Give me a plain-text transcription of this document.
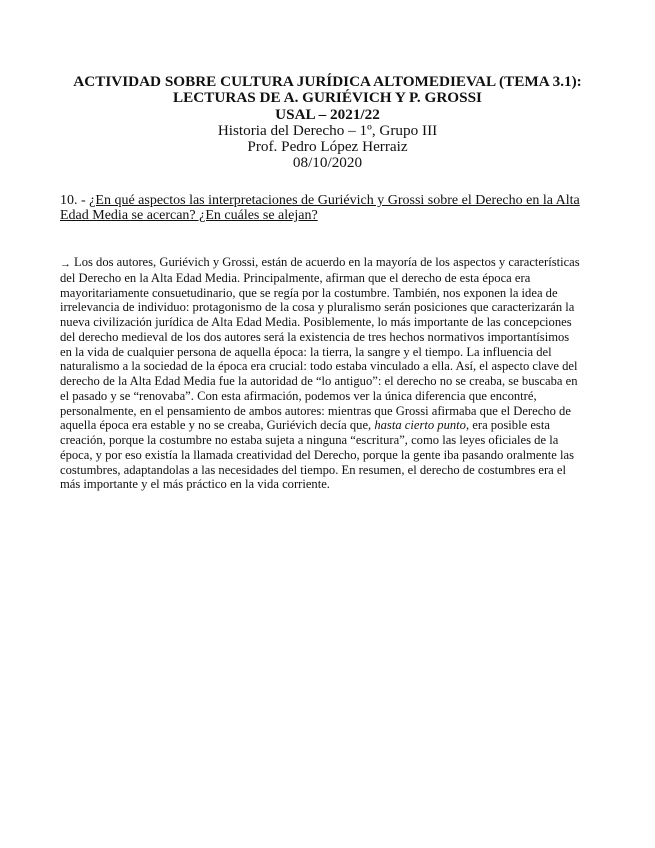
ACTIVIDAD SOBRE CULTURA JURÍDICA ALTOMEDIEVAL (TEMA 3.1):
LECTURAS DE A. GURIÉVICH Y P. GROSSI
USAL – 2021/22
Historia del Derecho – 1º, Grupo III
Prof. Pedro López Herraiz
08/10/2020
10. - ¿En qué aspectos las interpretaciones de Guriévich y Grossi sobre el Derecho en la Alta Edad Media se acercan? ¿En cuáles se alejan?
→ Los dos autores, Guriévich y Grossi, están de acuerdo en la mayoría de los aspectos y características
del Derecho en la Alta Edad Media. Principalmente, afirman que el derecho de esta época era
mayoritariamente consuetudinario, que se regía por la costumbre. También, nos exponen la idea de
irrelevancia de individuo: protagonismo de la cosa y pluralismo serán posiciones que caracterizarán la
nueva civilización jurídica de Alta Edad Media. Posiblemente, lo más importante de las concepciones
del derecho medieval de los dos autores será la existencia de tres hechos normativos importantísimos
en la vida de cualquier persona de aquella época: la tierra, la sangre y el tiempo. La influencia del
naturalismo a la sociedad de la época era crucial: todo estaba vinculado a ella. Así, el aspecto clave del
derecho de la Alta Edad Media fue la autoridad de “lo antiguo”: el derecho no se creaba, se buscaba en
el pasado y se “renovaba”. Con esta afirmación, podemos ver la única diferencia que encontré,
personalmente, en el pensamiento de ambos autores: mientras que Grossi afirmaba que el Derecho de
aquella época era estable y no se creaba, Guriévich decía que, hasta cierto punto, era posible esta
creación, porque la costumbre no estaba sujeta a ninguna “escritura”, como las leyes oficiales de la
época, y por eso existía la llamada creatividad del Derecho, porque la gente iba pasando oralmente las
costumbres, adaptandolas a las necesidades del tiempo. En resumen, el derecho de costumbres era el
más importante y el más práctico en la vida corriente.
